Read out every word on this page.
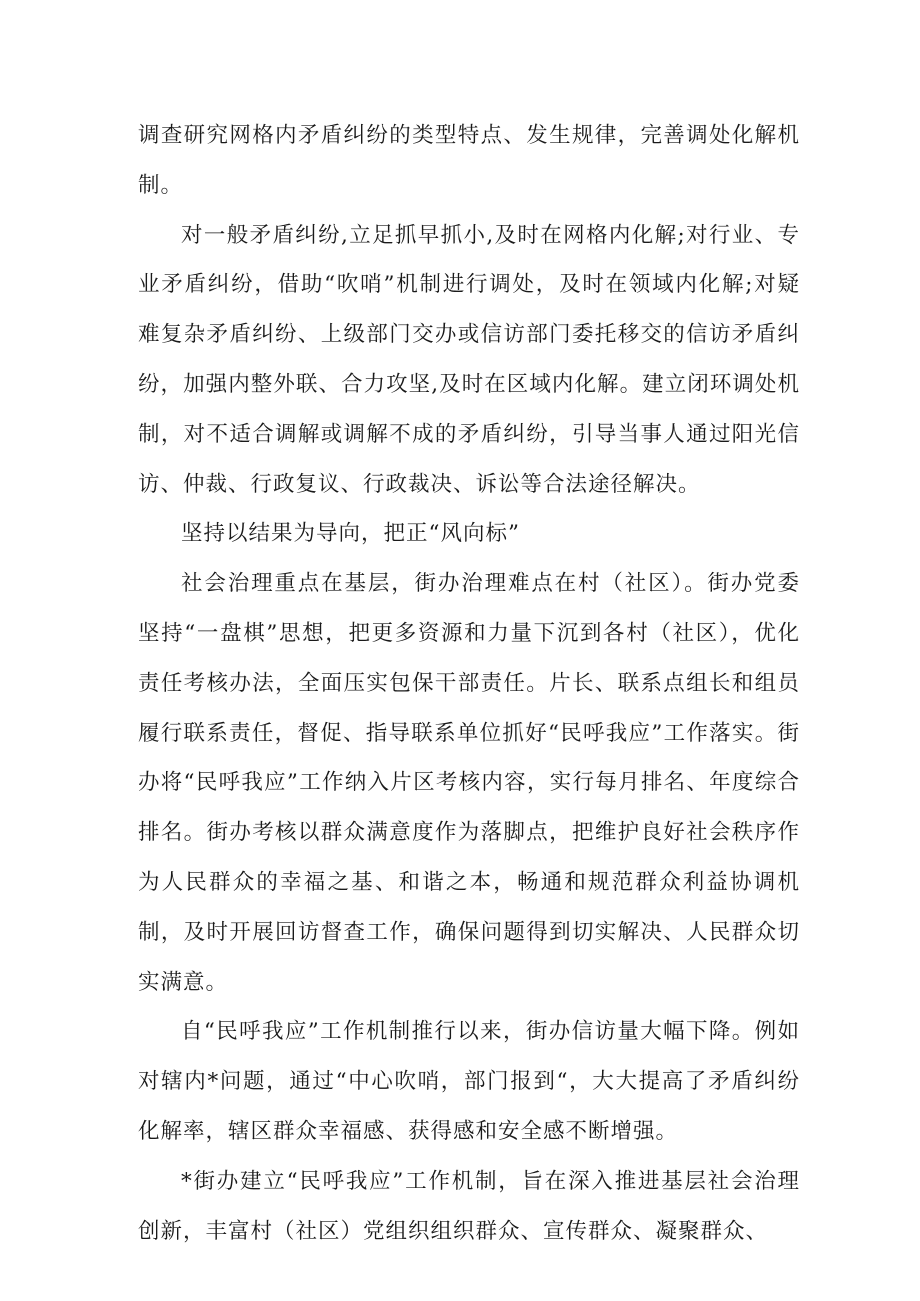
调查研究网格内矛盾纠纷的类型特点、发生规律，完善调处化解机制。

对一般矛盾纠纷,立足抓早抓小,及时在网格内化解;对行业、专业矛盾纠纷，借助“吹哨”机制进行调处，及时在领域内化解;对疑难复杂矛盾纠纷、上级部门交办或信访部门委托移交的信访矛盾纠纷，加强内整外联、合力攻坚,及时在区域内化解。建立闭环调处机制，对不适合调解或调解不成的矛盾纠纷，引导当事人通过阳光信访、仲裁、行政复议、行政裁决、诉讼等合法途径解决。

坚持以结果为导向，把正“风向标”

社会治理重点在基层，街办治理难点在村（社区）。街办党委坚持“一盘棋”思想，把更多资源和力量下沉到各村（社区），优化责任考核办法，全面压实包保干部责任。片长、联系点组长和组员履行联系责任，督促、指导联系单位抓好“民呼我应”工作落实。街办将“民呼我应”工作纳入片区考核内容，实行每月排名、年度综合排名。街办考核以群众满意度作为落脚点，把维护良好社会秩序作为人民群众的幸福之基、和谐之本，畅通和规范群众利益协调机制，及时开展回访督查工作，确保问题得到切实解决、人民群众切实满意。

自“民呼我应”工作机制推行以来，街办信访量大幅下降。例如对辖内*问题，通过“中心吹哨，部门报到“，大大提高了矛盾纠纷化解率，辖区群众幸福感、获得感和安全感不断增强。

*街办建立“民呼我应”工作机制，旨在深入推进基层社会治理创新，丰富村（社区）党组织组织群众、宣传群众、凝聚群众、
